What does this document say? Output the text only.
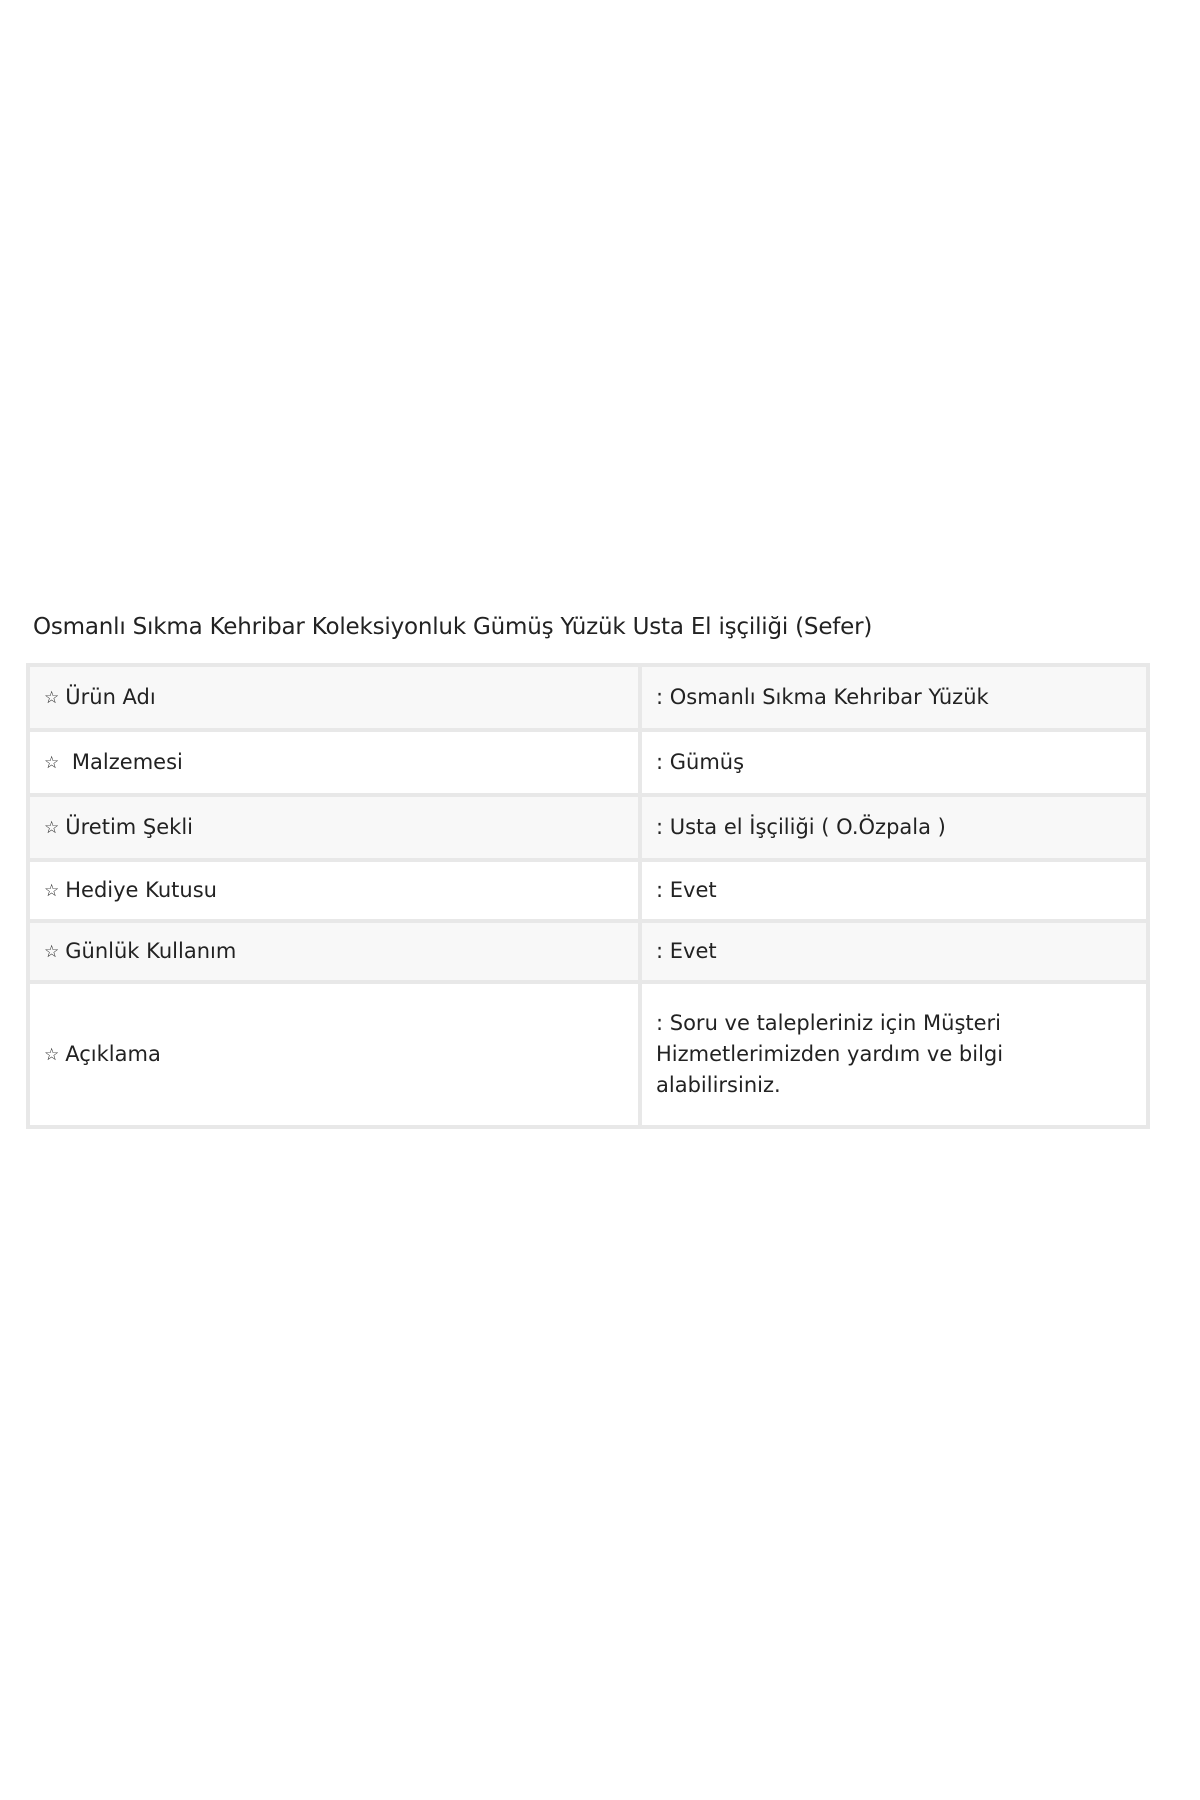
Osmanlı Sıkma Kehribar Koleksiyonluk Gümüş Yüzük Usta El işçiliği (Sefer)
☆ Ürün Adı	: Osmanlı Sıkma Kehribar Yüzük
☆ Malzemesi	: Gümüş
☆ Üretim Şekli	: Usta el İşçiliği ( O.Özpala )
☆ Hediye Kutusu	: Evet
☆ Günlük Kullanım	: Evet
☆ Açıklama	: Soru ve talepleriniz için Müşteri Hizmetlerimizden yardım ve bilgi alabilirsiniz.
